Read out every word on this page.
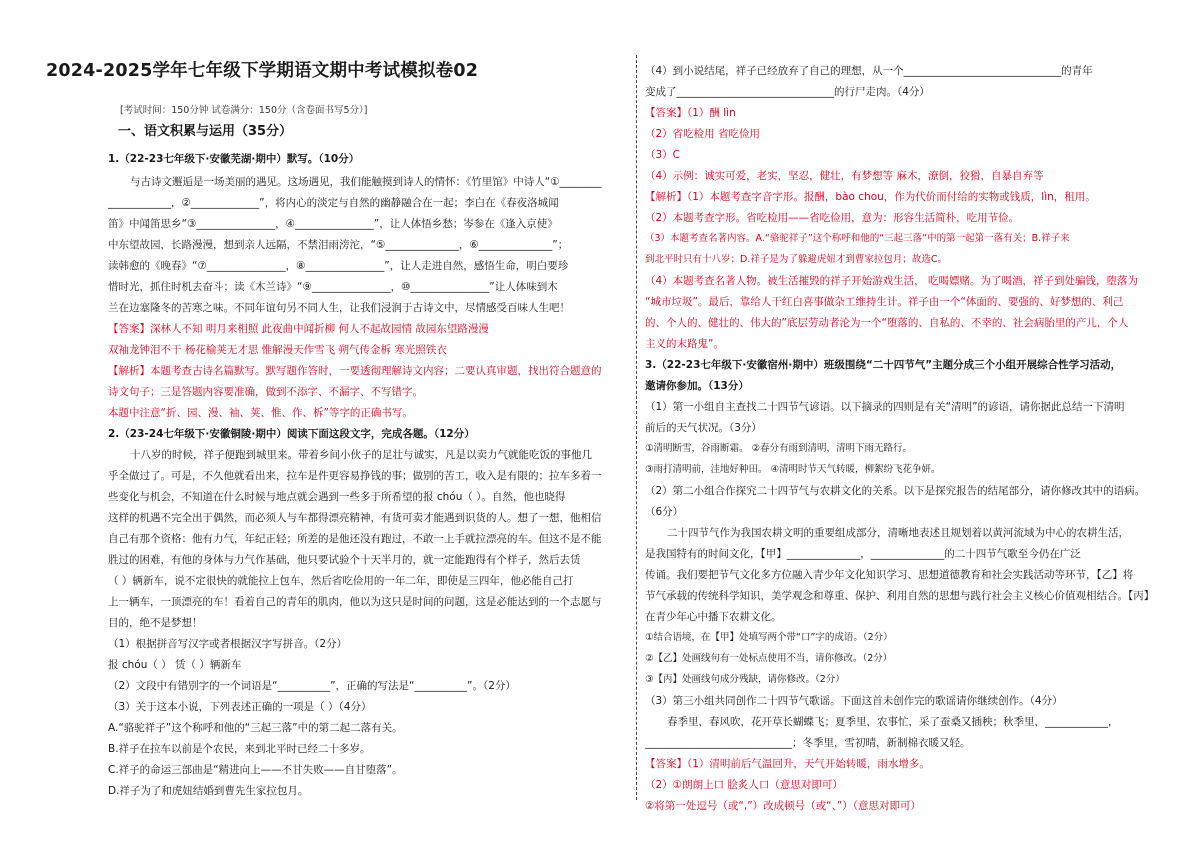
2024-2025学年七年级下学期语文期中考试模拟卷02
[考试时间：150分钟 试卷满分：150分（含卷面书写5分）]
一、语文积累与运用（35分）
1.（22-23七年级下·安徽芜湖·期中）默写。（10分）
与古诗文邂逅是一场美丽的遇见。这场遇见，我们能触摸到诗人的情怀：《竹里馆》中诗人“①________
____________，②_____________”，将内心的淡定与自然的幽静融合在一起；李白在《春夜洛城闻
笛》中闻笛思乡“③_______________，④_______________”，让人体悟乡愁；岑参在《逢入京使》
中东望故园，长路漫漫，想到亲人远隔，不禁泪雨滂沱，“⑤______________，⑥______________”；
读韩愈的《晚春》“⑦_______________，⑧_______________”，让人走进自然，感悟生命，明白要珍
惜时光，抓住时机去奋斗；读《木兰诗》“⑨_______________，⑩_______________”让人体味到木
兰在边塞隆冬的苦寒之味。不同年谊句另不同人生，让我们浸润于古诗文中，尽情感受百味人生吧！
【答案】深林人不知 明月来相照 此夜曲中闻折柳 何人不起故园情 故园东望路漫漫
双袖龙钟泪不干 杨花榆荚无才思 惟解漫天作雪飞 朔气传金柝 寒光照铁衣
【解析】本题考查古诗名篇默写。默写题作答时，一要透彻理解诗文内容；二要认真审题，找出符合题意的
诗文句子；三是答题内容要准确，做到不添字、不漏字、不写错字。
本题中注意“折、园、漫、袖、荚、惟、作、柝”等字的正确书写。
2.（23-24七年级下·安徽铜陵·期中）阅读下面这段文字，完成各题。（12分）
十八岁的时候，祥子便跑到城里来。带着乡间小伙子的足壮与诚实，凡是以卖力气就能吃饭的事他几
乎全做过了。可是，不久他就看出来，拉车是件更容易挣钱的事；做别的苦工，收入是有限的；拉车多着一
些变化与机会，不知道在什么时候与地点就会遇到一些多于所希望的报 chóu（ ）。自然，他也晓得
这样的机遇不完全出于偶然，而必须人与车都得漂亮精神，有货可卖才能遇到识货的人。想了一想，他相信
自己有那个资格：他有力气，年纪正轻；所差的是他还没有跑过，不敢一上手就拉漂亮的车。但这不是不能
胜过的困难，有他的身体与力气作基础，他只要试验个十天半月的，就一定能跑得有个样子，然后去赁
（ ）辆新车，说不定很快的就能拉上包车，然后省吃俭用的一年二年，即使是三四年，他必能自己打
上一辆车，一顶漂亮的车！看着自己的青年的肌肉，他以为这只是时间的问题，这是必能达到的一个志愿与
目的，绝不是梦想！
（1）根据拼音写汉字或者根据汉字写拼音。（2分）
报 chóu（ ） 赁（ ）辆新车
（2）文段中有错别字的一个词语是“__________”，正确的写法是“__________”。（2分）
（3）关于这本小说，下列表述正确的一项是（ ）（4分）
A.“骆驼祥子”这个称呼和他的“三起三落”中的第二起二落有关。
B.祥子在拉车以前是个农民，来到北平时已经二十多岁。
C.祥子的命运三部曲是“精进向上——不甘失败——自甘堕落”。
D.祥子为了和虎妞结婚到曹先生家拉包月。
（4）到小说结尾，祥子已经放弃了自己的理想，从一个______________________________的青年
变成了______________________________的行尸走肉。（4分）
【答案】（1）酬 lìn
（2）省吃检用 省吃俭用
（3）C
（4）示例：诚实可爱，老实，坚忍，健壮，有梦想等 麻木，潦倒，狡猾，自暴自弃等
【解析】（1）本题考查字音字形。报酬，bào chou，作为代价而付给的实物或钱质，lìn，租用。
（2）本题考查字形。省吃检用——省吃俭用，意为：形容生活简朴，吃用节俭。
（3）本题考查名著内容。A.“骆驼祥子”这个称呼和他的“三起三落”中的第一起第一落有关；B.祥子来
到北平时只有十八岁；D.祥子是为了躲避虎妞才到曹家拉包月；故选C。
（4）本题考查名著人物。被生活摧毁的祥子开始游戏生活， 吃喝嫖赌。为了喝酒，祥子到处骗钱，堕落为
“城市垃圾”。最后，靠给人干红白喜事做杂工维持生计。祥子由一个“体面的、要强的、好梦想的、利己
的、个人的、健壮的、伟大的”底层劳动者沦为一个“堕落的、自私的、不幸的、社会病胎里的产儿，个人
主义的末路鬼”。
3.（22-23七年级下·安徽宿州·期中）班级围绕“二十四节气”主题分成三个小组开展综合性学习活动，
邀请你参加。（13分）
（1）第一小组自主查找二十四节气谚语。以下摘录的四则是有关“清明”的谚语，请你据此总结一下清明
前后的天气状况。（3分）
①清明断雪，谷雨断霜。 ②春分有雨到清明，清明下雨无路行。
③雨打清明前，洼地好种田。 ④清明时节天气转暖，柳絮纷飞花争妍。
（2）第二小组合作探究二十四节气与农耕文化的关系。以下是探究报告的结尾部分，请你修改其中的语病。
（6分）
二十四节气作为我国农耕文明的重要组成部分，清晰地表述且规划着以黄河流域为中心的农耕生活，
是我国特有的时间文化，【甲】______________，______________的二十四节气歌至今仍在广泛
传诵。我们要把节气文化多方位融入青少年文化知识学习、思想道德教育和社会实践活动等环节，【乙】将
节气承载的传统科学知识，美学观念和尊重、保护、利用自然的思想与践行社会主义核心价值观相结合。【丙】
在青少年心中播下农耕文化。
①结合语境，在【甲】处填写两个带“口”字的成语。（2分）
②【乙】处画线句有一处标点使用不当，请你修改。（2分）
③【丙】处画线句成分残缺，请你修改。（2分）
（3）第三小组共同创作二十四节气歌谣。下面这首未创作完的歌谣请你继续创作。（4分）
春季里，春风吹，花开草长蝴蝶飞；夏季里，农事忙，采了蚕桑又插秧；秋季里，____________，
____________________________；冬季里，雪初晴，新制棉衣暖又轻。
【答案】（1）清明前后气温回升，天气开始转暖，雨水增多。
（2）①朗朗上口 脍炙人口（意思对即可）
②将第一处逗号（或“,”）改成顿号（或“、”）（意思对即可）
